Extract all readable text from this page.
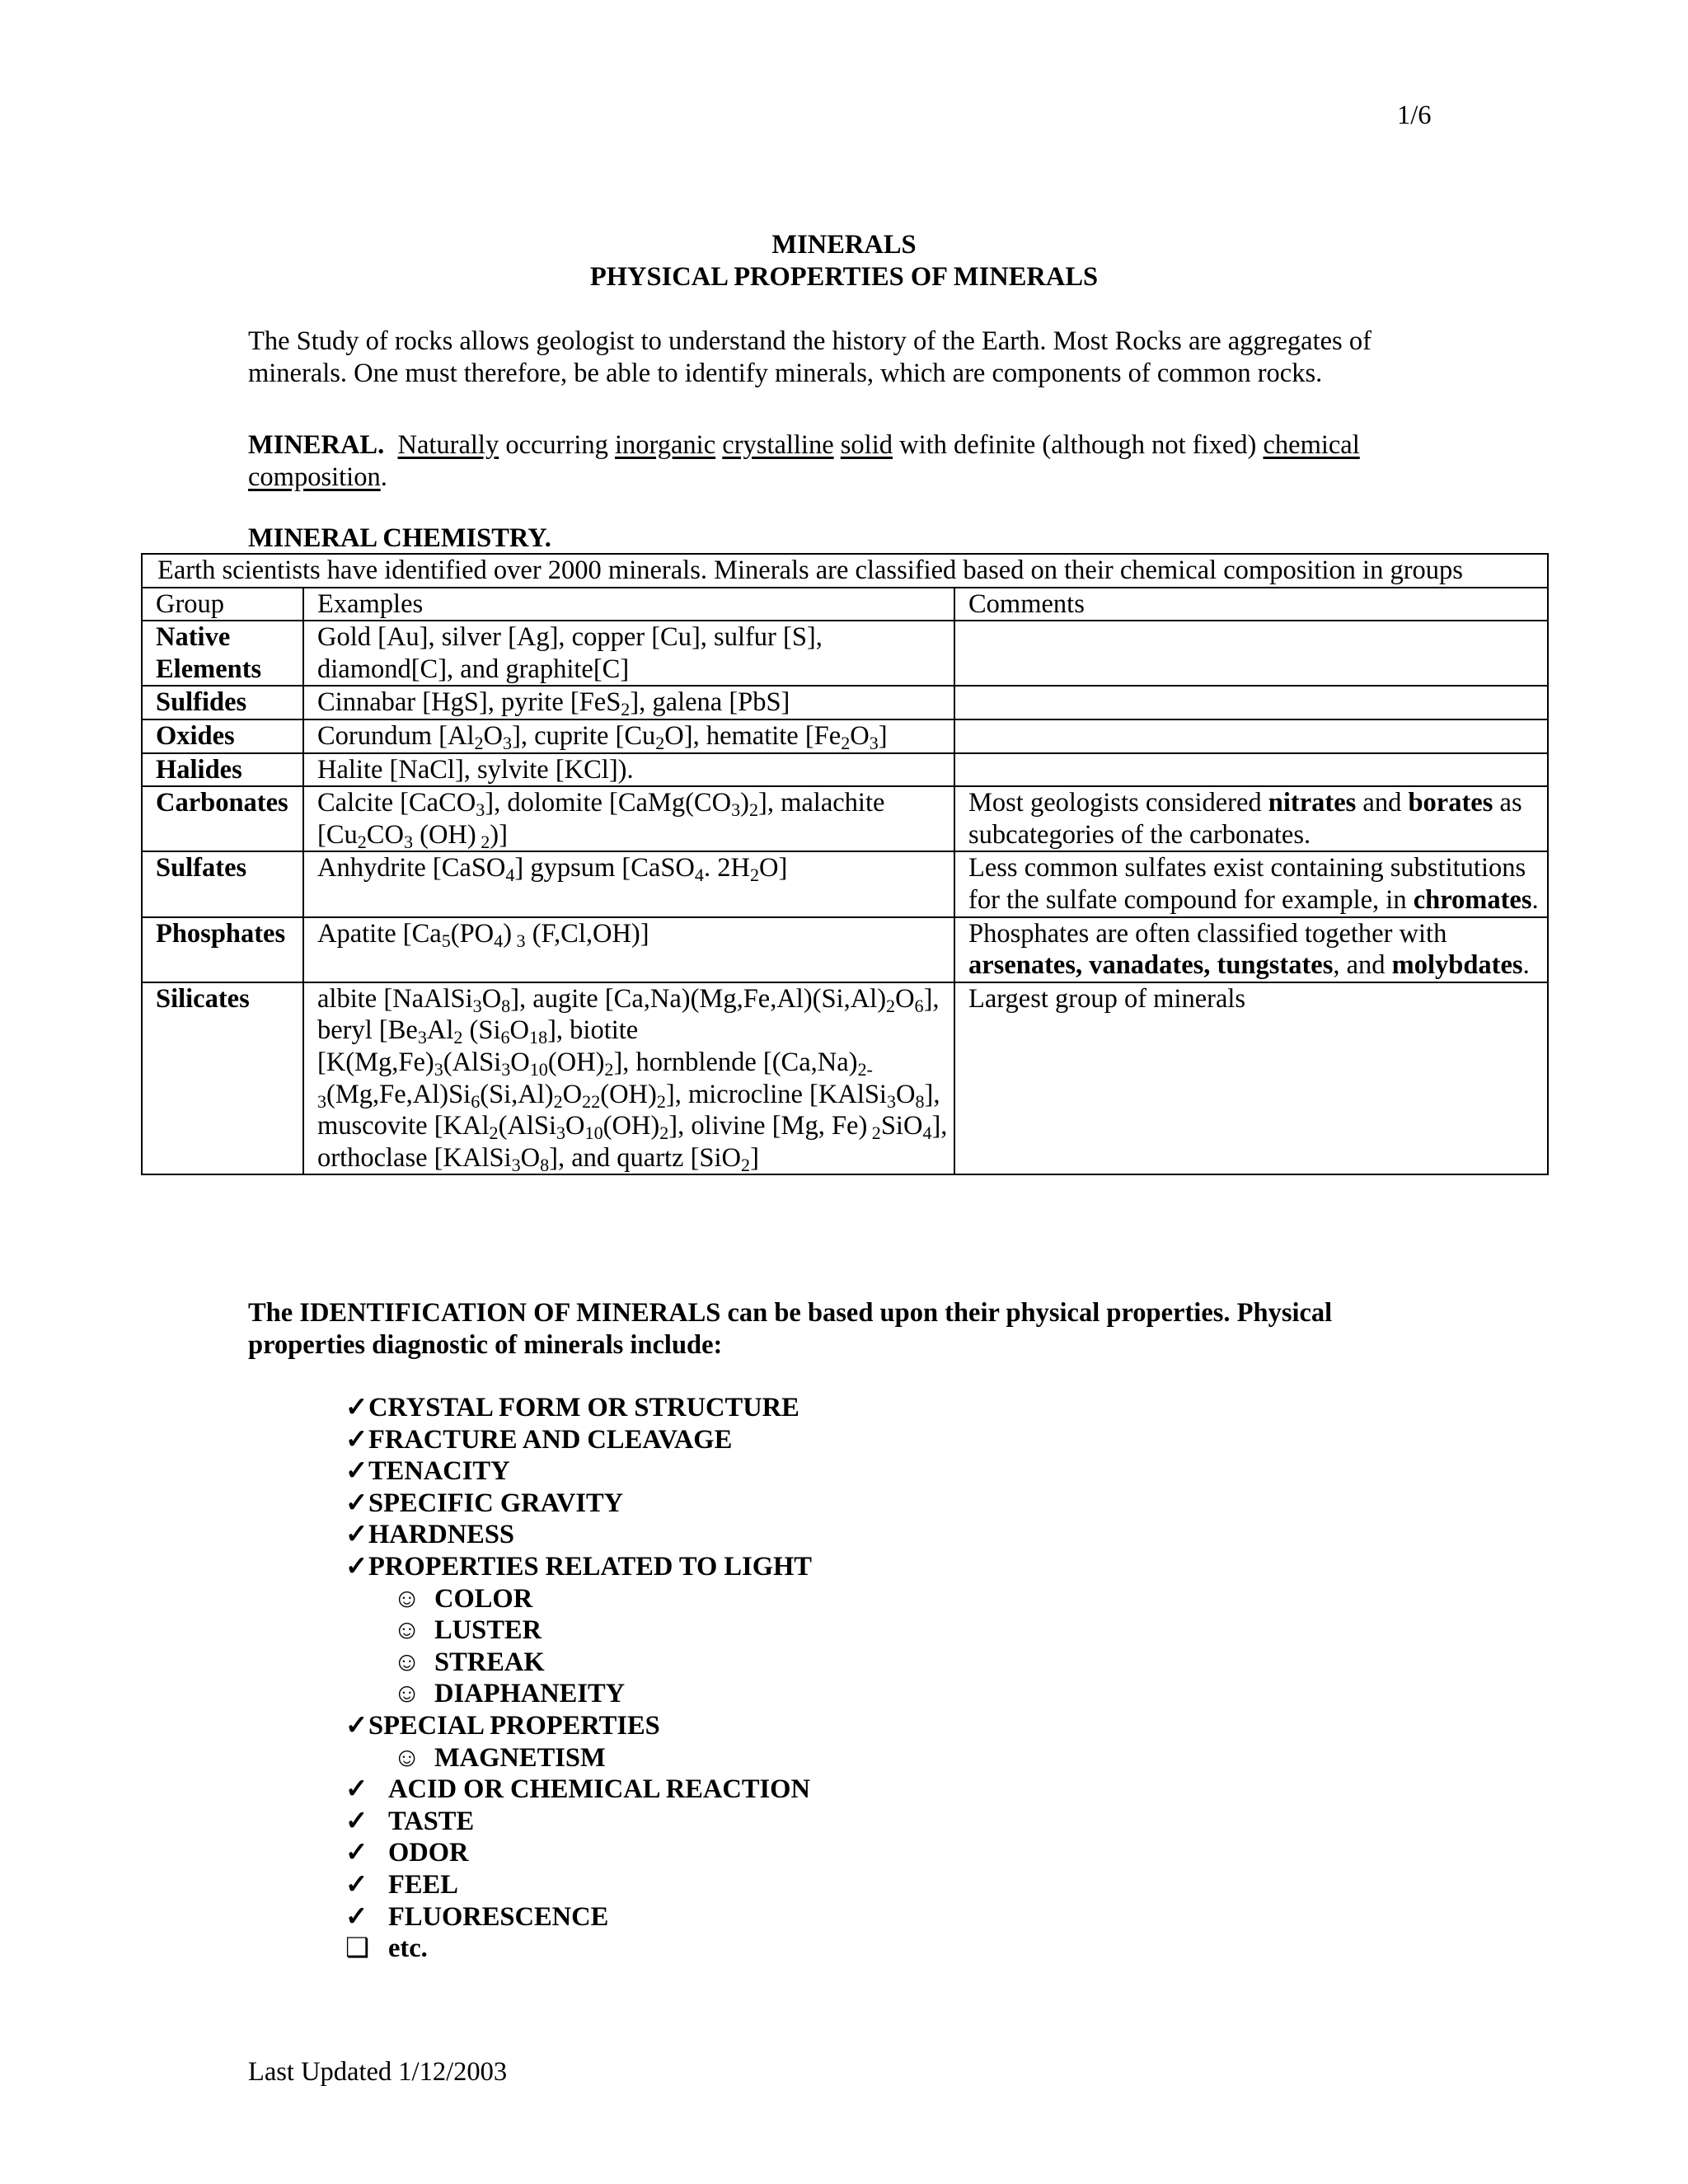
1/6
MINERALS
PHYSICAL PROPERTIES OF MINERALS
The Study of rocks allows geologist to understand the history of the Earth. Most Rocks are aggregates of minerals. One must therefore, be able to identify minerals, which are components of common rocks.
MINERAL. Naturally occurring inorganic crystalline solid with definite (although not fixed) chemical composition.
MINERAL CHEMISTRY.
Earth scientists have identified over 2000 minerals. Minerals are classified based on their chemical composition in groups		
Group	Examples	Comments
Native Elements	Gold [Au], silver [Ag], copper [Cu], sulfur [S], diamond[C], and graphite[C]	
Sulfides	Cinnabar [HgS], pyrite [FeS$_2$], galena [PbS]	
Oxides	Corundum $[Al_2O_3]$, cuprite $[Cu_2O]$, hematite $[Fe_2O_3]$	
Halides	Halite [NaCl], sylvite [KCl]).	
Carbonates	Calcite [CaCO$_3$], dolomite $[CaMg(CO_3)_2]$, malachite [$Cu_2CO_3$ (OH) $_2$)]	Most geologists considered nitrates and borates as subcategories of the carbonates.
Sulfates	Anhydrite [CaSO$_4$] gypsum [CaSO$_4$. $2H_2O$]	Less common sulfates exist containing substitutions for the sulfate compound for example, in chromates.
Phosphates	Apatite [$Ca_5(PO_4)$ $_3$ (F,Cl,OH)]	Phosphates are often classified together with arsenates, vanadates, tungstates, and molybdates.
Silicates	albite $[NaAlSi_3O_8]$, augite $[Ca,Na)(Mg,Fe,Al)(Si,Al)_2O_6$], beryl [$Be_3Al_2$ $(Si_6O_{18}]$, biotite [$K(Mg,Fe)_3(AlSi_3O_{10}(OH)_2]$, hornblende $[(Ca,Na)_{2-3}(Mg,Fe,Al)Si_6(Si,Al)_2O_{22}(OH)_2]$, microcline $[KAlSi_3O_8]$, muscovite [$KAl_2(AlSi_3O_{10}(OH)_2]$, olivine [Mg, Fe) $_2$SiO$_4$], orthoclase $[KAlSi_3O_8]$, and quartz [SiO$_2$]	Largest group of minerals
The IDENTIFICATION OF MINERALS can be based upon their physical properties. Physical properties diagnostic of minerals include:
✓CRYSTAL FORM OR STRUCTURE
✓FRACTURE AND CLEAVAGE
✓TENACITY
✓SPECIFIC GRAVITY
✓HARDNESS
✓PROPERTIES RELATED TO LIGHT
☺ COLOR
☺ LUSTER
☺ STREAK
☺ DIAPHANEITY
✓SPECIAL PROPERTIES
☺ MAGNETISM
✓ ACID OR CHEMICAL REACTION
✓ TASTE
✓ ODOR
✓ FEEL
✓ FLUORESCENCE
❑ etc.
Last Updated 1/12/2003
